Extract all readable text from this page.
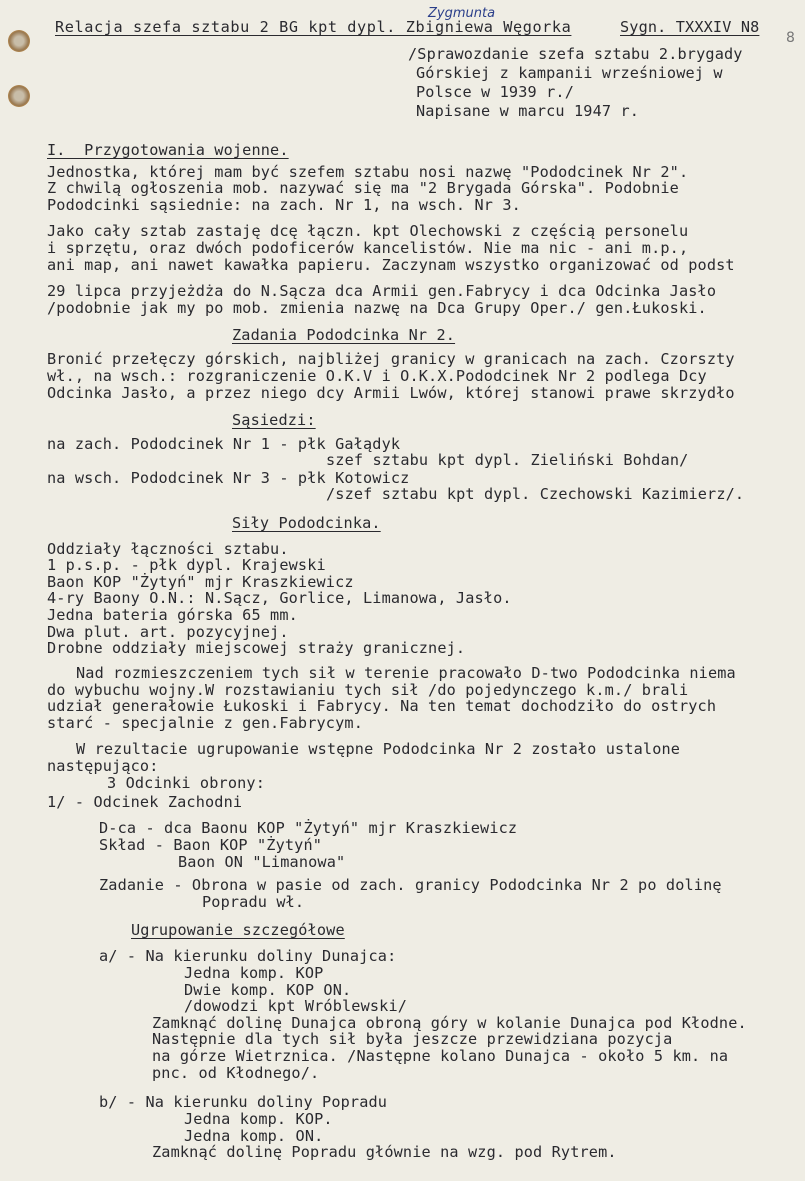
8
Zygmunta
Relacja szefa sztabu 2 BG kpt dypl. Zbigniewa Węgorka	Sygn. TXXXIV N8
/Sprawozdanie szefa sztabu 2.brygady
Górskiej z kampanii wrześniowej w
Polsce w 1939 r./
Napisane w marcu 1947 r.
I.  Przygotowania wojenne.
Jednostka, której mam być szefem sztabu nosi nazwę "Pododcinek Nr 2".
Z chwilą ogłoszenia mob. nazywać się ma "2 Brygada Górska". Podobnie
Pododcinki sąsiednie: na zach. Nr 1, na wsch. Nr 3.
Jako cały sztab zastaję dcę łączn. kpt Olechowski z częścią personelu
i sprzętu, oraz dwóch podoficerów kancelistów. Nie ma nic - ani m.p.,
ani map, ani nawet kawałka papieru. Zaczynam wszystko organizować od podst
29 lipca przyjeżdża do N.Sącza dca Armii gen.Fabrycy i dca Odcinka Jasło
/podobnie jak my po mob. zmienia nazwę na Dca Grupy Oper./ gen.Łukoski.
Zadania Pododcinka Nr 2.
Bronić przełęczy górskich, najbliżej granicy w granicach na zach. Czorszty
wł., na wsch.: rozgraniczenie O.K.V i O.K.X.Pododcinek Nr 2 podlega Dcy
Odcinka Jasło, a przez niego dcy Armii Lwów, której stanowi prawe skrzydło
Sąsiedzi:
na zach. Pododcinek Nr 1 - płk Gałądyk
szef sztabu kpt dypl. Zieliński Bohdan/
na wsch. Pododcinek Nr 3 - płk Kotowicz
/szef sztabu kpt dypl. Czechowski Kazimierz/.
Siły Pododcinka.
Oddziały łączności sztabu.
1 p.s.p. - płk dypl. Krajewski
Baon KOP "Żytyń" mjr Kraszkiewicz
4-ry Baony O.N.: N.Sącz, Gorlice, Limanowa, Jasło.
Jedna bateria górska 65 mm.
Dwa plut. art. pozycyjnej.
Drobne oddziały miejscowej straży granicznej.
Nad rozmieszczeniem tych sił w terenie pracowało D-two Pododcinka niema
do wybuchu wojny.W rozstawianiu tych sił /do pojedynczego k.m./ brali
udział generałowie Łukoski i Fabrycy. Na ten temat dochodziło do ostrych
starć - specjalnie z gen.Fabrycym.
W rezultacie ugrupowanie wstępne Pododcinka Nr 2 zostało ustalone
następująco:
3 Odcinki obrony:
1/ - Odcinek Zachodni
D-ca - dca Baonu KOP "Żytyń" mjr Kraszkiewicz
Skład - Baon KOP "Żytyń"
Baon ON "Limanowa"
Zadanie - Obrona w pasie od zach. granicy Pododcinka Nr 2 po dolinę
Popradu wł.
Ugrupowanie szczegółowe
a/ - Na kierunku doliny Dunajca:
Jedna komp. KOP
Dwie komp. KOP ON.
/dowodzi kpt Wróblewski/
Zamknąć dolinę Dunajca obroną góry w kolanie Dunajca pod Kłodne.
Następnie dla tych sił była jeszcze przewidziana pozycja
na górze Wietrznica. /Następne kolano Dunajca - około 5 km. na
pnc. od Kłodnego/.
b/ - Na kierunku doliny Popradu
Jedna komp. KOP.
Jedna komp. ON.
Zamknąć dolinę Popradu głównie na wzg. pod Rytrem.
